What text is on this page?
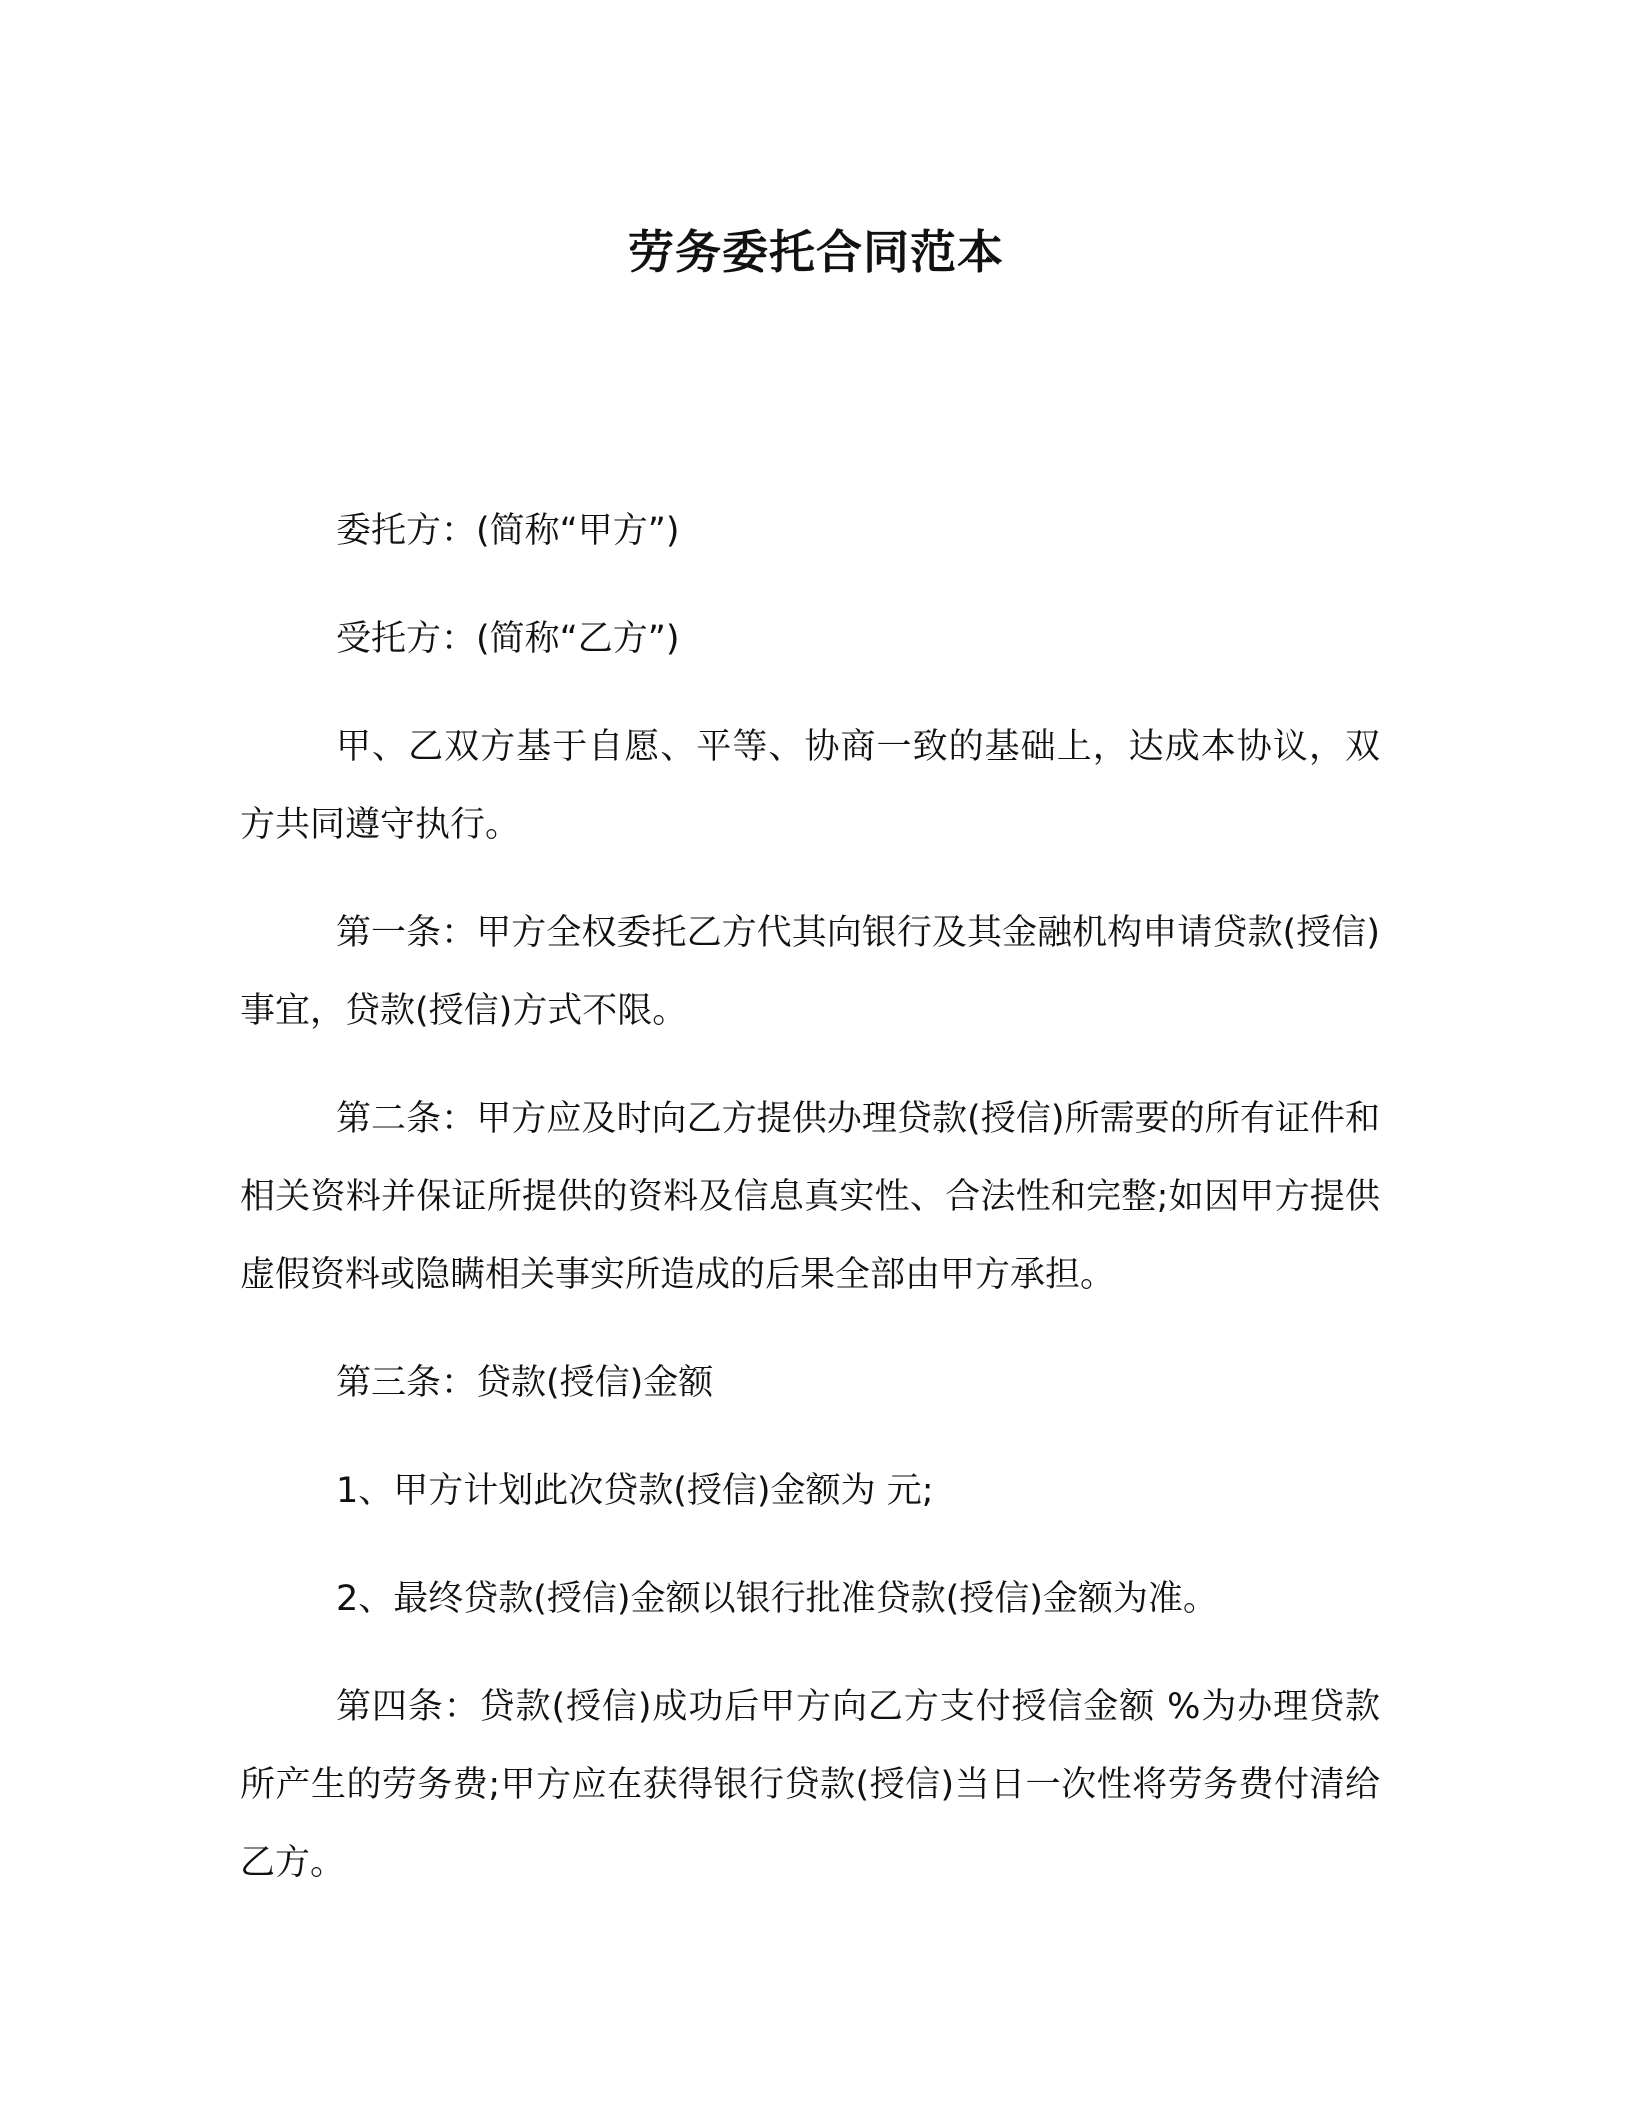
劳务委托合同范本

委托方：(简称“甲方”)

受托方：(简称“乙方”)

甲、乙双方基于自愿、平等、协商一致的基础上，达成本协议，双方共同遵守执行。

第一条：甲方全权委托乙方代其向银行及其金融机构申请贷款(授信)事宜，贷款(授信)方式不限。

第二条：甲方应及时向乙方提供办理贷款(授信)所需要的所有证件和相关资料并保证所提供的资料及信息真实性、合法性和完整;如因甲方提供虚假资料或隐瞒相关事实所造成的后果全部由甲方承担。

第三条：贷款(授信)金额

1、甲方计划此次贷款(授信)金额为 元;

2、最终贷款(授信)金额以银行批准贷款(授信)金额为准。

第四条：贷款(授信)成功后甲方向乙方支付授信金额 %为办理贷款所产生的劳务费;甲方应在获得银行贷款(授信)当日一次性将劳务费付清给乙方。
